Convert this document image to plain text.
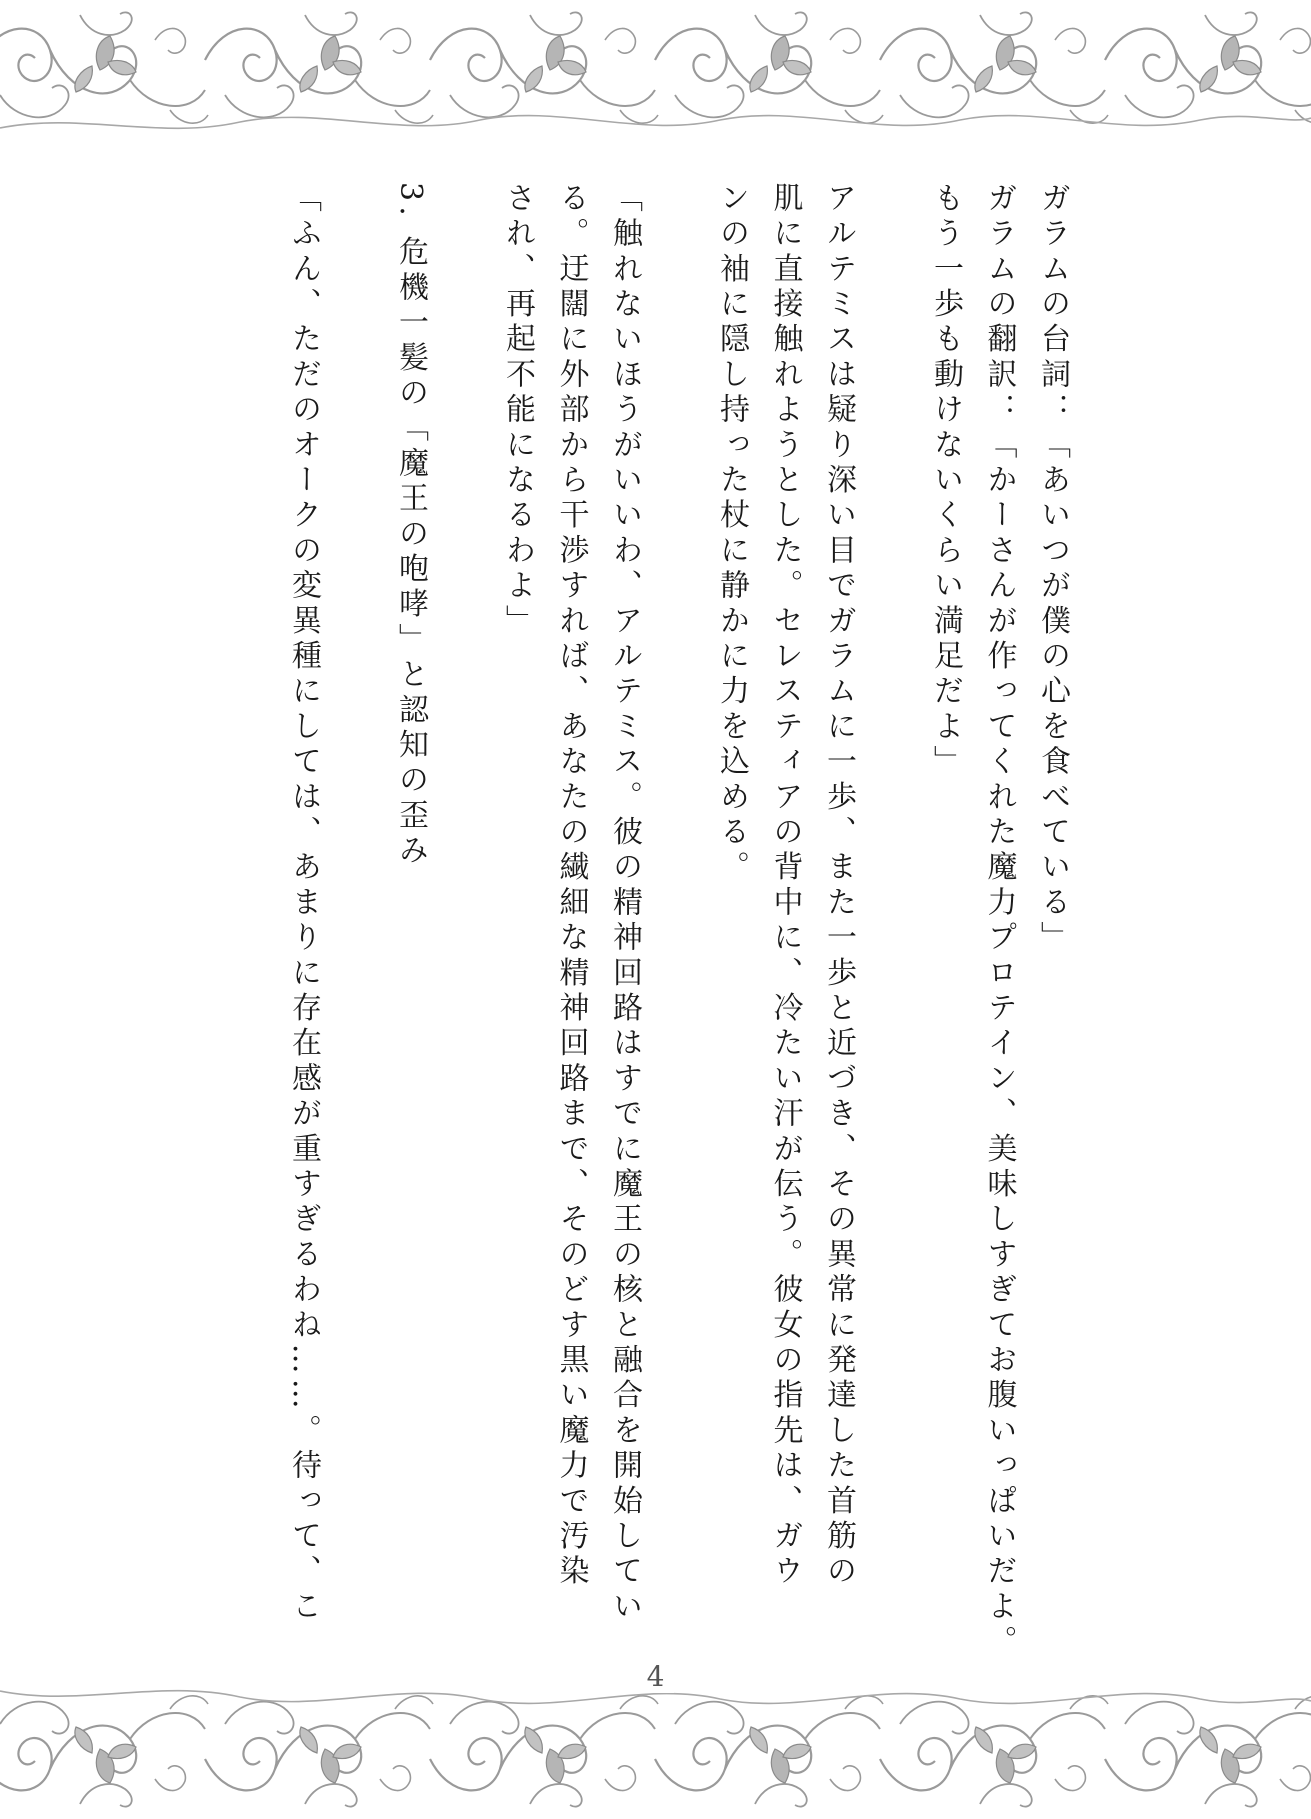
ガラムの台詞：「あいつが僕の心を食べている」

ガラムの翻訳：「かーさんが作ってくれた魔力プロテイン、美味しすぎてお腹いっぱいだよ。

もう一歩も動けないくらい満足だよ」

アルテミスは疑り深い目でガラムに一歩、また一歩と近づき、その異常に発達した首筋の

肌に直接触れようとした。セレスティアの背中に、冷たい汗が伝う。彼女の指先は、ガウ

ンの袖に隠し持った杖に静かに力を込める。

「触れないほうがいいわ、アルテミス。彼の精神回路はすでに魔王の核と融合を開始してい

る。迂闊に外部から干渉すれば、あなたの繊細な精神回路まで、そのどす黒い魔力で汚染

され、再起不能になるわよ」

3. 危機一髪の「魔王の咆哮」と認知の歪み

「ふん、ただのオークの変異種にしては、あまりに存在感が重すぎるわね……。待って、こ

4
